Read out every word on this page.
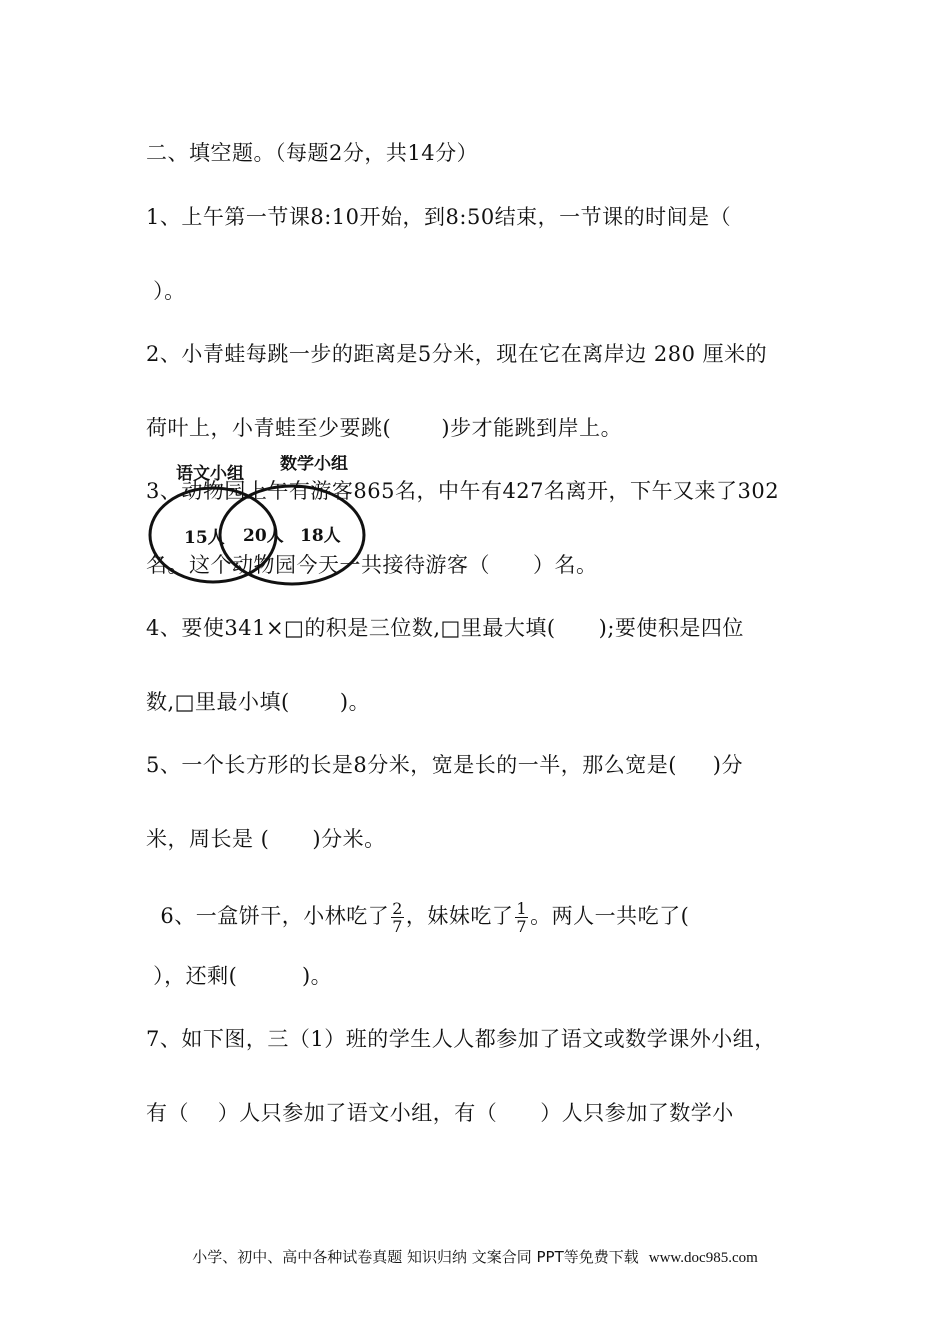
二、填空题。（每题2分，共14分）
1、上午第一节课8:10开始，到8:50结束，一节课的时间是（
）。
2、小青蛙每跳一步的距离是5分米，现在它在离岸边 280 厘米的
荷叶上，小青蛙至少要跳(       )步才能跳到岸上。
3、动物园上午有游客865名，中午有427名离开，下午又来了302
名。这个动物园今天一共接待游客（      ）名。
语文小组 数学小组
15人 20人 18人
4、要使341×□的积是三位数,□里最大填(      );要使积是四位
数,□里最小填(       )。
5、一个长方形的长是8分米，宽是长的一半，那么宽是(     )分
米，周长是 (      )分米。

6、一盒饼干，小林吃了 $\frac{2}{7}$ ，妹妹吃了 $\frac{1}{7}$ 。两人一共吃了(

），还剩(         )。
7、如下图，三（1）班的学生人人都参加了语文或数学课外小组，
有（    ）人只参加了语文小组，有（      ）人只参加了数学小
小学、初中、高中各种试卷真题 知识归纳 文案合同 PPT等免费下载 www.doc985.com
